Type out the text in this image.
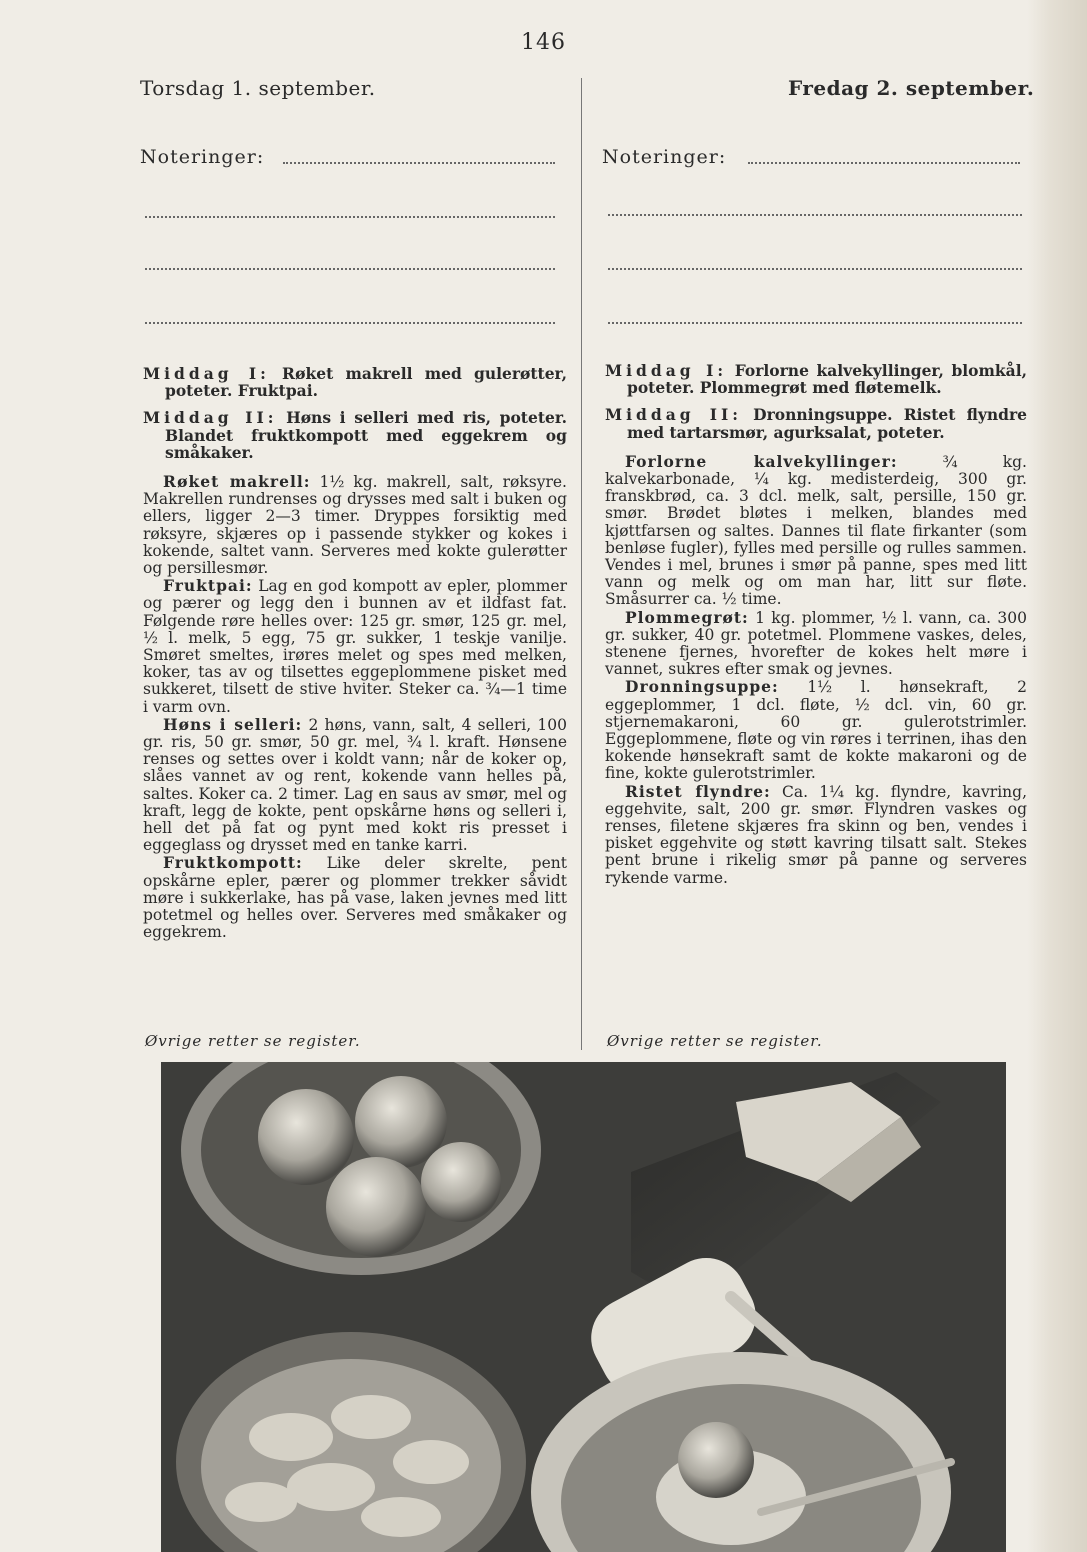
146
Torsdag 1. september.	Fredag 2. september.
Noteringer:	Noteringer:

Middag I: Røket makrell med gulerøtter, poteter. Fruktpai.

Middag II: Høns i selleri med ris, poteter. Blandet fruktkompott med eggekrem og småkaker.

Røket makrell: 1½ kg. makrell, salt, røksyre. Makrellen rundrenses og drysses med salt i buken og ellers, ligger 2—3 timer. Dryppes forsiktig med røksyre, skjæres op i passende stykker og kokes i kokende, saltet vann. Serveres med kokte gulerøtter og persillesmør.

Fruktpai: Lag en god kompott av epler, plommer og pærer og legg den i bunnen av et ildfast fat. Følgende røre helles over: 125 gr. smør, 125 gr. mel, ½ l. melk, 5 egg, 75 gr. sukker, 1 teskje vanilje. Smøret smeltes, irøres melet og spes med melken, koker, tas av og tilsettes eggeplommene pisket med sukkeret, tilsett de stive hviter. Steker ca. ¾—1 time i varm ovn.

Høns i selleri: 2 høns, vann, salt, 4 selleri, 100 gr. ris, 50 gr. smør, 50 gr. mel, ¾ l. kraft. Hønsene renses og settes over i koldt vann; når de koker op, slåes vannet av og rent, kokende vann helles på, saltes. Koker ca. 2 timer. Lag en saus av smør, mel og kraft, legg de kokte, pent opskårne høns og selleri i, hell det på fat og pynt med kokt ris presset i eggeglass og drysset med en tanke karri.

Fruktkompott: Like deler skrelte, pent opskårne epler, pærer og plommer trekker såvidt møre i sukkerlake, has på vase, laken jevnes med litt potetmel og helles over. Serveres med småkaker og eggekrem.

Øvrige retter se register.

Middag I: Forlorne kalvekyllinger, blomkål, poteter. Plommegrøt med fløtemelk.

Middag II: Dronningsuppe. Ristet flyndre med tartarsmør, agurksalat, poteter.

Forlorne kalvekyllinger:	¾ kg. kalvekarbonade, ¼ kg. medisterdeig, 300 gr. franskbrød, ca. 3 dcl. melk, salt, persille, 150 gr. smør. Brødet bløtes i melken, blandes med kjøttfarsen og saltes. Dannes til flate firkanter (som benløse fugler), fylles med persille og rulles sammen. Vendes i mel, brunes i smør på panne, spes med litt vann og melk og om man har, litt sur fløte. Småsurrer ca. ½ time.

Plommegrøt: 1 kg. plommer, ½ l. vann, ca. 300 gr. sukker, 40 gr. potetmel. Plommene vaskes, deles, stenene fjernes, hvorefter de kokes helt møre i vannet, sukres efter smak og jevnes.

Dronningsuppe: 1½ l. hønsekraft, 2 eggeplommer, 1 dcl. fløte, ½ dcl. vin, 60 gr. stjernemakaroni, 60 gr. gulerotstrimler. Eggeplommene, fløte og vin røres i terrinen, ihas den kokende hønsekraft samt de kokte makaroni og de fine, kokte gulerotstrimler.

Ristet flyndre: Ca. 1¼ kg. flyndre, kavring, eggehvite, salt, 200 gr. smør. Flyndren vaskes og renses, filetene skjæres fra skinn og ben, vendes i pisket eggehvite og støtt kavring tilsatt salt. Stekes pent brune i rikelig smør på panne og serveres rykende varme.

Øvrige retter se register.
